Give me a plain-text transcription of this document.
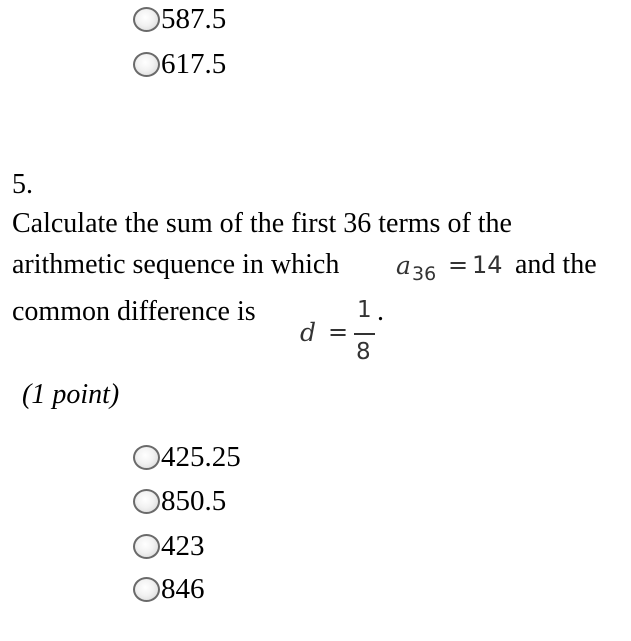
587.5
617.5
5.
Calculate the sum of the first 36 terms of the
arithmetic sequence in which a 36 = 14 and the
common difference is
d =
1
8
.
(1 point)
425.25
850.5
423
846
